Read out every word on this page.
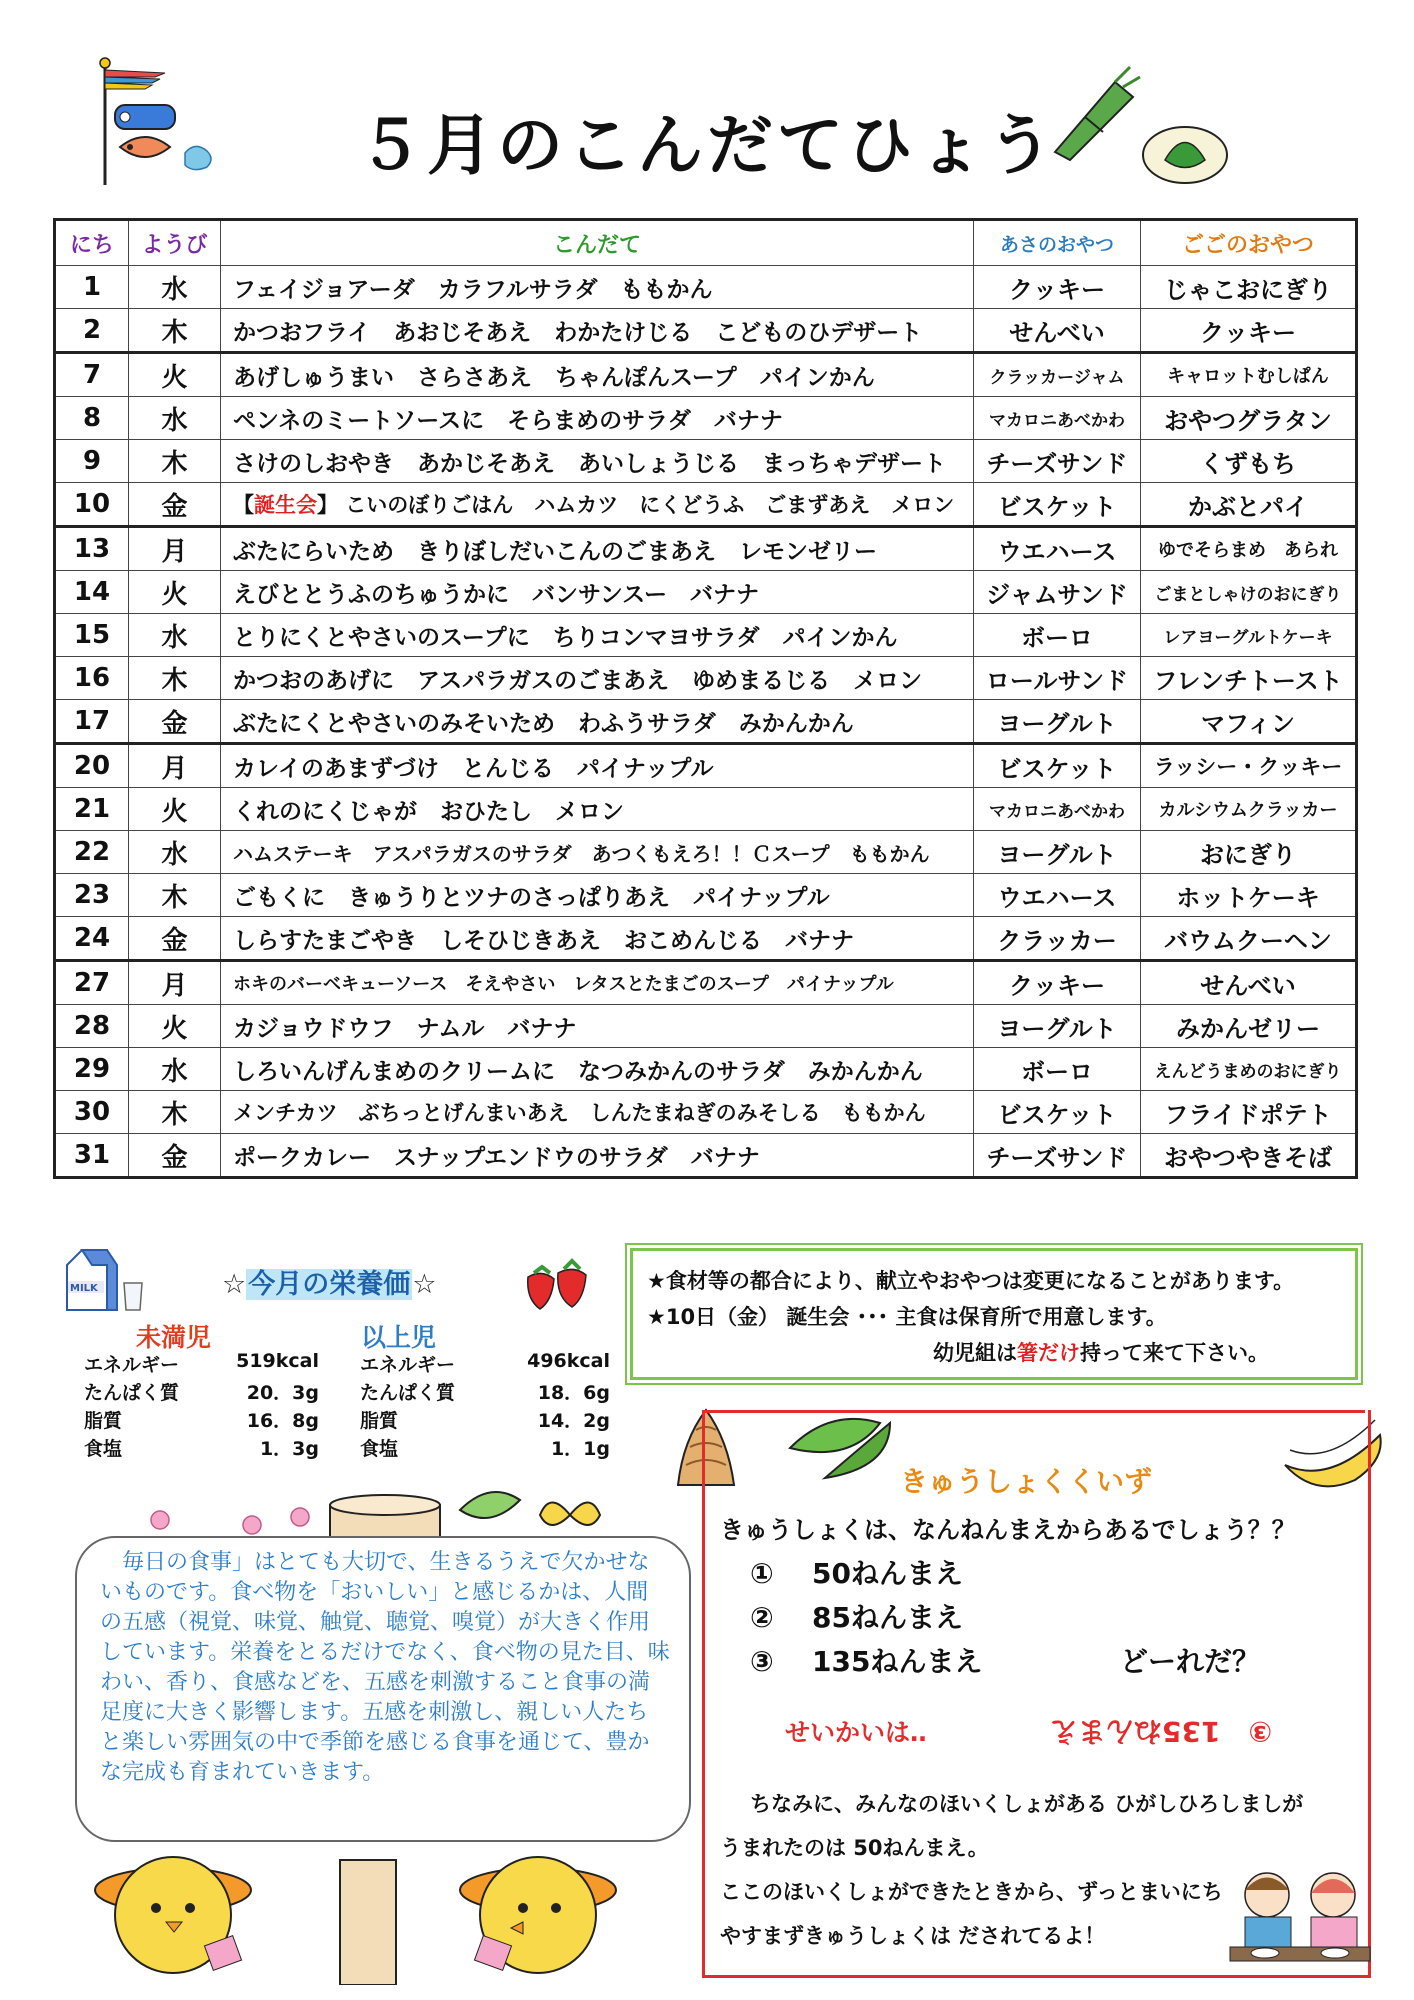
５月のこんだてひょう
にち	ようび	こんだて	あさのおやつ	ごごのおやつ
1	水	フェイジョアーダ　カラフルサラダ　ももかん	クッキー	じゃこおにぎり
2	木	かつおフライ　あおじそあえ　わかたけじる　こどものひデザート	せんべい	クッキー
7	火	あげしゅうまい　さらさあえ　ちゃんぽんスープ　パインかん	クラッカージャム	キャロットむしぱん
8	水	ペンネのミートソースに　そらまめのサラダ　バナナ	マカロニあべかわ	おやつグラタン
9	木	さけのしおやき　あかじそあえ　あいしょうじる　まっちゃデザート	チーズサンド	くずもち
10	金	【誕生会】 こいのぼりごはん　ハムカツ　にくどうふ　ごまずあえ　メロン	ビスケット	かぶとパイ
13	月	ぶたにらいため　きりぼしだいこんのごまあえ　レモンゼリー	ウエハース	ゆでそらまめ　あられ
14	火	えびととうふのちゅうかに　バンサンスー　バナナ	ジャムサンド	ごまとしゃけのおにぎり
15	水	とりにくとやさいのスープに　ちりコンマヨサラダ　パインかん	ボーロ	レアヨーグルトケーキ
16	木	かつおのあげに　アスパラガスのごまあえ　ゆめまるじる　メロン	ロールサンド	フレンチトースト
17	金	ぶたにくとやさいのみそいため　わふうサラダ　みかんかん	ヨーグルト	マフィン
20	月	カレイのあまずづけ　とんじる　パイナップル	ビスケット	ラッシー・クッキー
21	火	くれのにくじゃが　おひたし　メロン	マカロニあべかわ	カルシウムクラッカー
22	水	ハムステーキ　アスパラガスのサラダ　あつくもえろ！！Ｃスープ　ももかん	ヨーグルト	おにぎり
23	木	ごもくに　きゅうりとツナのさっぱりあえ　パイナップル	ウエハース	ホットケーキ
24	金	しらすたまごやき　しそひじきあえ　おこめんじる　バナナ	クラッカー	バウムクーヘン
27	月	ホキのバーベキューソース　そえやさい　レタスとたまごのスープ　パイナップル	クッキー	せんべい
28	火	カジョウドウフ　ナムル　バナナ	ヨーグルト	みかんゼリー
29	水	しろいんげんまめのクリームに　なつみかんのサラダ　みかんかん	ボーロ	えんどうまめのおにぎり
30	木	メンチカツ　ぶちっとげんまいあえ　しんたまねぎのみそしる　ももかん	ビスケット	フライドポテト
31	金	ポークカレー　スナップエンドウのサラダ　バナナ	チーズサンド	おやつやきそば
MILK	☆今月の栄養価☆
未満児	以上児
エネルギー	519kcal
たんぱく質	20．3g
脂質	16．8g
食塩	1．3g
エネルギー	496kcal
たんぱく質	18．6g
脂質	14．2g
食塩	1．1g
★食材等の都合により、献立やおやつは変更になることがあります。
★10日（金） 誕生会 ･･･ 主食は保育所で用意します。
幼児組は箸だけ持って来て下さい。
　毎日の食事」はとても大切で、生きるうえで欠かせないものです。食べ物を「おいしい」と感じるかは、人間の五感（視覚、味覚、触覚、聴覚、嗅覚）が大きく作用しています。栄養をとるだけでなく、食べ物の見た目、味わい、香り、食感などを、五感を刺激すること食事の満足度に大きく影響します。五感を刺激し、親しい人たちと楽しい雰囲気の中で季節を感じる食事を通じて、豊かな完成も育まれていきます。
きゅうしょくくいず
きゅうしょくは、なんねんまえからあるでしょう？？
① 50ねんまえ
② 85ねんまえ
③ 135ねんまえ	どーれだ？
せいかいは‥	③　135ねんまえ
ちなみに、みんなのほいくしょがある ひがしひろしましが
うまれたのは 50ねんまえ。
ここのほいくしょができたときから、ずっとまいにち
やすまずきゅうしょくは だされてるよ！
